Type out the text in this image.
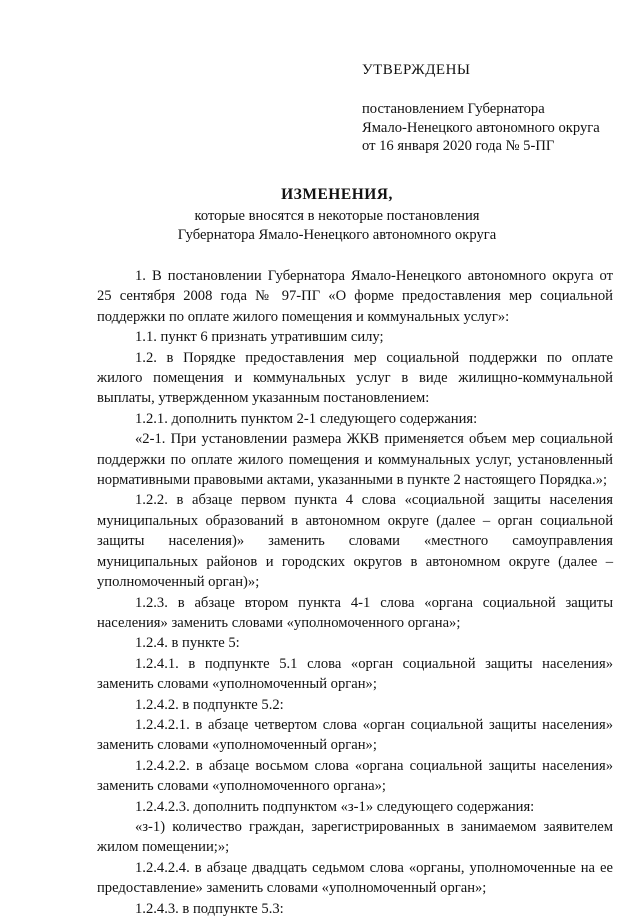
УТВЕРЖДЕНЫ

постановлением Губернатора

Ямало-Ненецкого автономного округа

от 16 января 2020 года № 5-ПГ

ИЗМЕНЕНИЯ,

которые вносятся в некоторые постановления

Губернатора Ямало-Ненецкого автономного округа

1. В постановлении Губернатора Ямало-Ненецкого автономного округа от 25 сентября 2008 года № 97-ПГ «О форме предоставления мер социальной поддержки по оплате жилого помещения и коммунальных услуг»:

1.1. пункт 6 признать утратившим силу;

1.2. в Порядке предоставления мер социальной поддержки по оплате жилого помещения и коммунальных услуг в виде жилищно-коммунальной выплаты, утвержденном указанным постановлением:

1.2.1. дополнить пунктом 2-1 следующего содержания:

«2-1. При установлении размера ЖКВ применяется объем мер социальной поддержки по оплате жилого помещения и коммунальных услуг, установленный нормативными правовыми актами, указанными в пункте 2 настоящего Порядка.»;

1.2.2. в абзаце первом пункта 4 слова «социальной защиты населения муниципальных образований в автономном округе (далее – орган социальной защиты населения)» заменить словами «местного самоуправления муниципальных районов и городских округов в автономном округе (далее – уполномоченный орган)»;

1.2.3. в абзаце втором пункта 4-1 слова «органа социальной защиты населения» заменить словами «уполномоченного органа»;

1.2.4. в пункте 5:

1.2.4.1. в подпункте 5.1 слова «орган социальной защиты населения» заменить словами «уполномоченный орган»;

1.2.4.2. в подпункте 5.2:

1.2.4.2.1. в абзаце четвертом слова «орган социальной защиты населения» заменить словами «уполномоченный орган»;

1.2.4.2.2. в абзаце восьмом слова «органа социальной защиты населения» заменить словами «уполномоченного органа»;

1.2.4.2.3. дополнить подпунктом «з-1» следующего содержания:

«з-1) количество граждан, зарегистрированных в занимаемом заявителем жилом помещении;»;

1.2.4.2.4. в абзаце двадцать седьмом слова «органы, уполномоченные на ее предоставление» заменить словами «уполномоченный орган»;

1.2.4.3. в подпункте 5.3:
